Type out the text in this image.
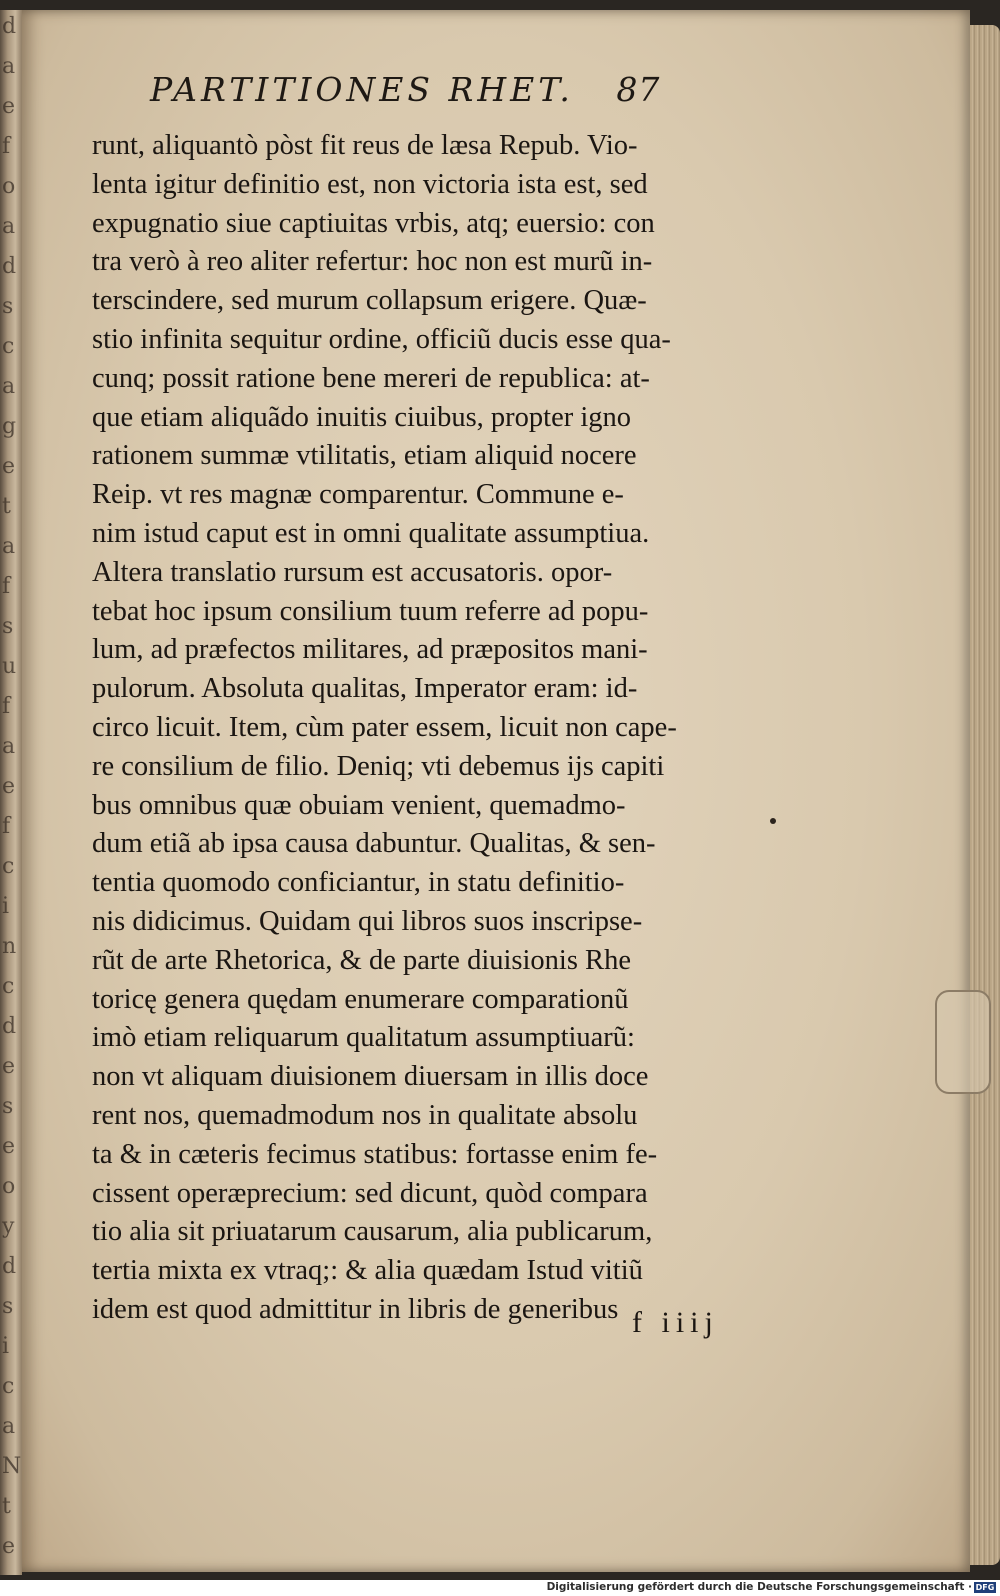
d
a
e
f
o
a
d
s
c
a
g
e
t
a
f
s
u
f
a
e
f
c
i
n
c
d
e
s
e
o
y
d
s
i
c
a
N
t
e
PARTITIONES RHET. 87
runt, aliquantò pòst fit reus de læsa Repub. Vio-
lenta igitur definitio est, non victoria ista est, sed
expugnatio siue captiuitas vrbis, atq; euersio: con
tra verò à reo aliter refertur: hoc non est murũ in-
terscindere, sed murum collapsum erigere. Quæ-
stio infinita sequitur ordine, officiũ ducis esse qua-
cunq; possit ratione bene mereri de republica: at-
que etiam aliquãdo inuitis ciuibus, propter igno
rationem summæ vtilitatis, etiam aliquid nocere
Reip. vt res magnæ comparentur. Commune e-
nim istud caput est in omni qualitate assumptiua.
Altera translatio rursum est accusatoris. opor-
tebat hoc ipsum consilium tuum referre ad popu-
lum, ad præfectos militares, ad præpositos mani-
pulorum. Absoluta qualitas, Imperator eram: id-
circo licuit. Item, cùm pater essem, licuit non cape-
re consilium de filio. Deniq; vti debemus ijs capiti
bus omnibus quæ obuiam venient, quemadmo-
dum etiã ab ipsa causa dabuntur. Qualitas, & sen-
tentia quomodo conficiantur, in statu definitio-
nis didicimus. Quidam qui libros suos inscripse-
rũt de arte Rhetorica, & de parte diuisionis Rhe
toricę genera quędam enumerare comparationũ
imò etiam reliquarum qualitatum assumptiuarũ:
non vt aliquam diuisionem diuersam in illis doce
rent nos, quemadmodum nos in qualitate absolu
ta & in cæteris fecimus statibus: fortasse enim fe-
cissent operæprecium: sed dicunt, quòd compara
tio alia sit priuatarum causarum, alia publicarum,
tertia mixta ex vtraq;: & alia quædam Istud vitiũ
idem est quod admittitur in libris de generibus f iiij
Digitalisierung gefördert durch die Deutsche Forschungsgemeinschaft · DFG
